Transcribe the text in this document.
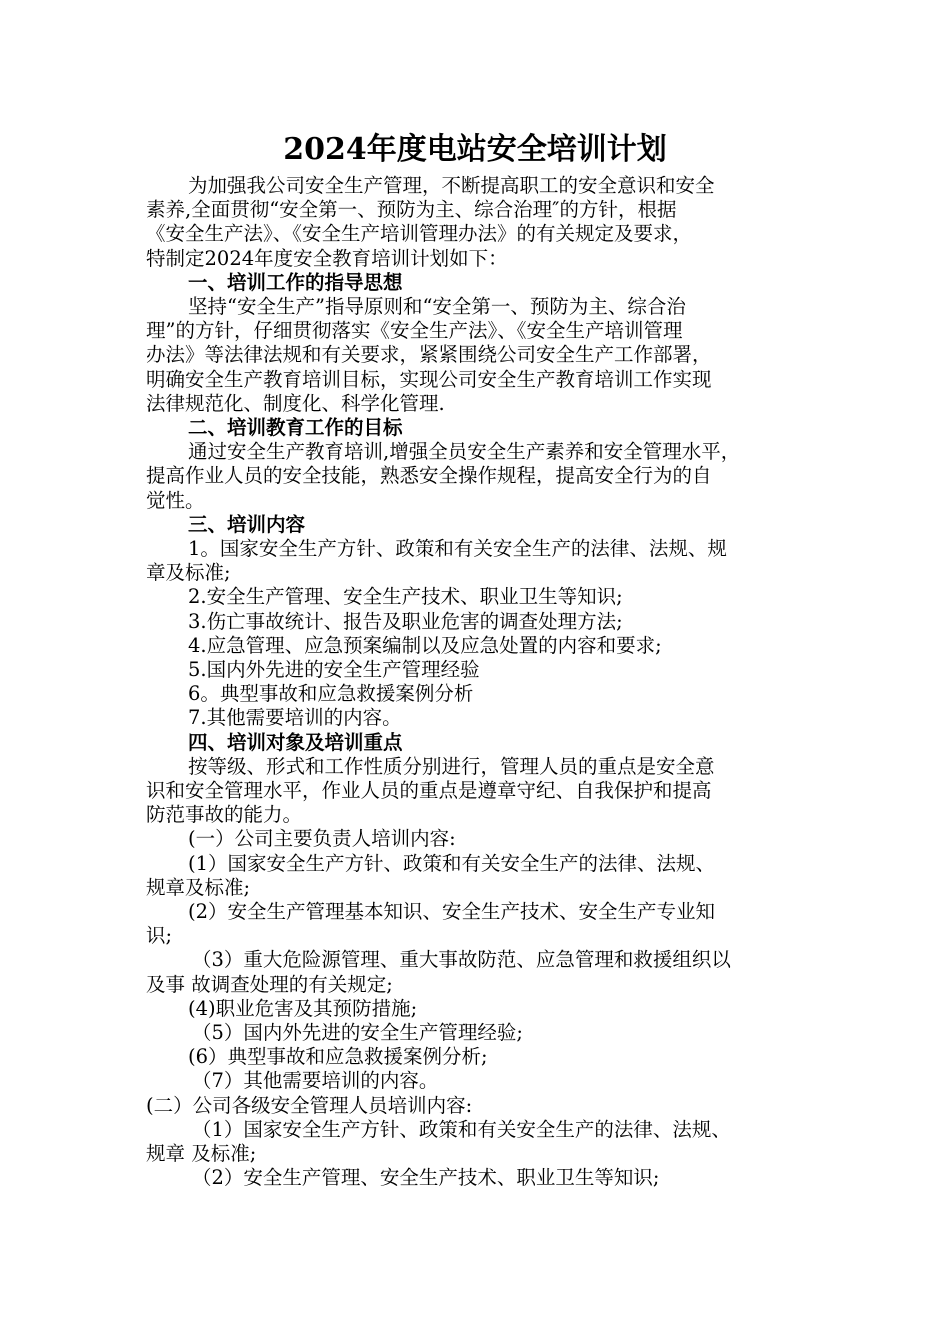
2024年度电站安全培训计划

为加强我公司安全生产管理，不断提高职工的安全意识和安全

素养,全面贯彻“安全第一、预防为主、综合治理″的方针，根据

《安全生产法》、《安全生产培训管理办法》的有关规定及要求，

特制定2024年度安全教育培训计划如下：

一、培训工作的指导思想

坚持“安全生产”指导原则和“安全第一、预防为主、综合治

理”的方针，仔细贯彻落实《安全生产法》、《安全生产培训管理

办法》等法律法规和有关要求，紧紧围绕公司安全生产工作部署，

明确安全生产教育培训目标，实现公司安全生产教育培训工作实现

法律规范化、制度化、科学化管理.

二、培训教育工作的目标

通过安全生产教育培训,增强全员安全生产素养和安全管理水平，

提高作业人员的安全技能，熟悉安全操作规程，提高安全行为的自

觉性。

三、培训内容

1。国家安全生产方针、政策和有关安全生产的法律、法规、规

章及标准;

2.安全生产管理、安全生产技术、职业卫生等知识;

3.伤亡事故统计、报告及职业危害的调查处理方法;

4.应急管理、应急预案编制以及应急处置的内容和要求;

5.国内外先进的安全生产管理经验

6。典型事故和应急救援案例分析

7.其他需要培训的内容。

四、培训对象及培训重点

按等级、形式和工作性质分别进行，管理人员的重点是安全意

识和安全管理水平，作业人员的重点是遵章守纪、自我保护和提高

防范事故的能力。

(一）公司主要负责人培训内容:

(1）国家安全生产方针、政策和有关安全生产的法律、法规、

规章及标准;

(2）安全生产管理基本知识、安全生产技术、安全生产专业知

识;

（3）重大危险源管理、重大事故防范、应急管理和救援组织以

及事 故调查处理的有关规定;

(4)职业危害及其预防措施;

（5）国内外先进的安全生产管理经验;

(6）典型事故和应急救援案例分析;

（7）其他需要培训的内容。

(二）公司各级安全管理人员培训内容:

（1）国家安全生产方针、政策和有关安全生产的法律、法规、

规章 及标准;

（2）安全生产管理、安全生产技术、职业卫生等知识;
